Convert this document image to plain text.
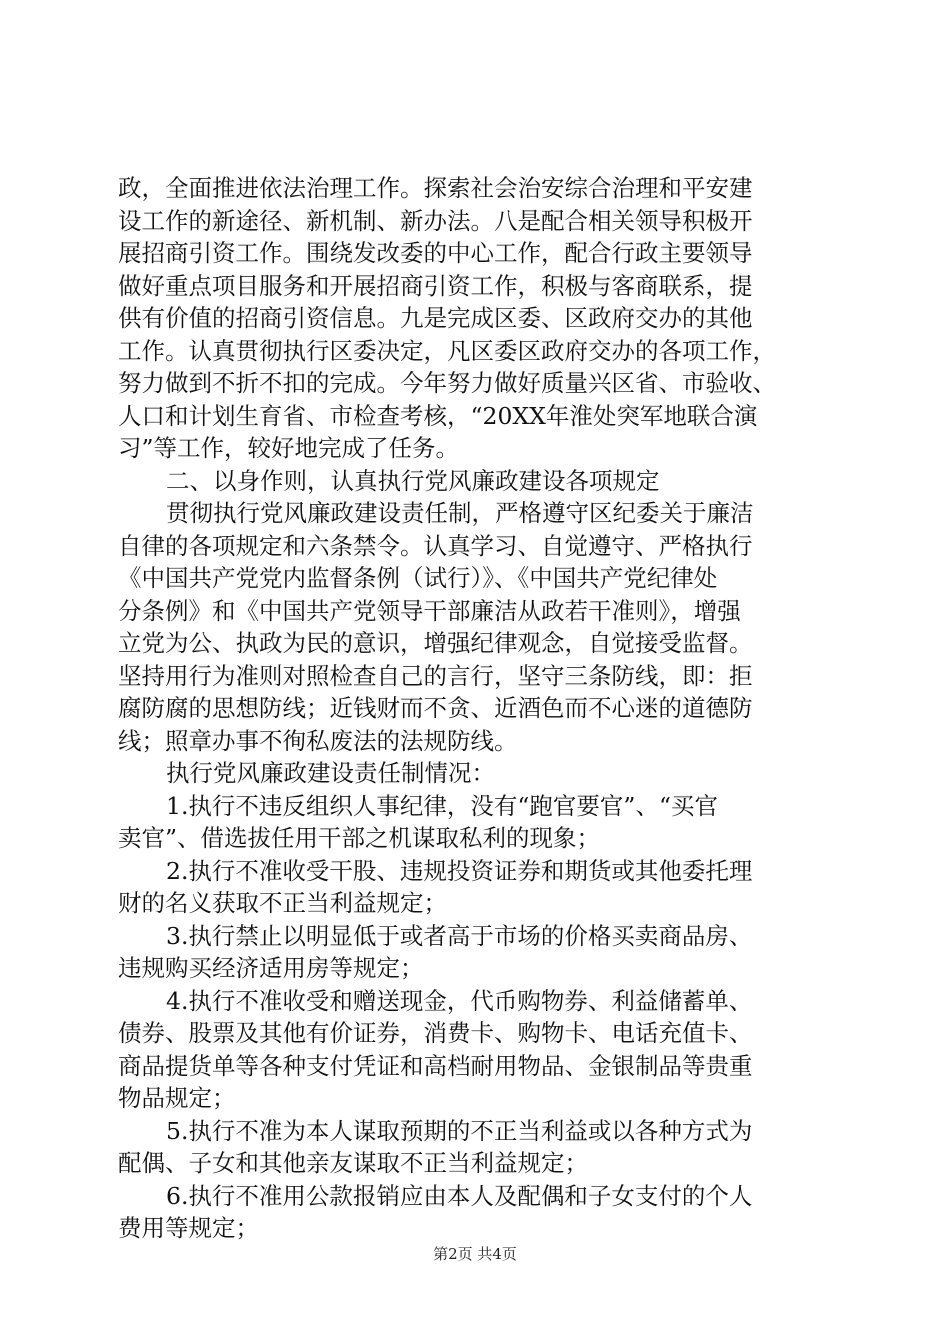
政，全面推进依法治理工作。探索社会治安综合治理和平安建
设工作的新途径、新机制、新办法。八是配合相关领导积极开
展招商引资工作。围绕发改委的中心工作，配合行政主要领导
做好重点项目服务和开展招商引资工作，积极与客商联系，提
供有价值的招商引资信息。九是完成区委、区政府交办的其他
工作。认真贯彻执行区委决定，凡区委区政府交办的各项工作，
努力做到不折不扣的完成。今年努力做好质量兴区省、市验收、
人口和计划生育省、市检查考核，“20XX年淮处突军地联合演
习”等工作，较好地完成了任务。
二、以身作则，认真执行党风廉政建设各项规定
贯彻执行党风廉政建设责任制，严格遵守区纪委关于廉洁
自律的各项规定和六条禁令。认真学习、自觉遵守、严格执行
《中国共产党党内监督条例（试行）》、《中国共产党纪律处
分条例》和《中国共产党领导干部廉洁从政若干准则》，增强
立党为公、执政为民的意识，增强纪律观念，自觉接受监督。
坚持用行为准则对照检查自己的言行，坚守三条防线，即：拒
腐防腐的思想防线；近钱财而不贪、近酒色而不心迷的道德防
线；照章办事不徇私废法的法规防线。
执行党风廉政建设责任制情况：
1.执行不违反组织人事纪律，没有“跑官要官”、“买官
卖官”、借选拔任用干部之机谋取私利的现象；
2.执行不准收受干股、违规投资证券和期货或其他委托理
财的名义获取不正当利益规定；
3.执行禁止以明显低于或者高于市场的价格买卖商品房、
违规购买经济适用房等规定；
4.执行不准收受和赠送现金，代币购物券、利益储蓄单、
债券、股票及其他有价证券，消费卡、购物卡、电话充值卡、
商品提货单等各种支付凭证和高档耐用物品、金银制品等贵重
物品规定；
5.执行不准为本人谋取预期的不正当利益或以各种方式为
配偶、子女和其他亲友谋取不正当利益规定；
6.执行不准用公款报销应由本人及配偶和子女支付的个人
费用等规定；
第2页 共4页
